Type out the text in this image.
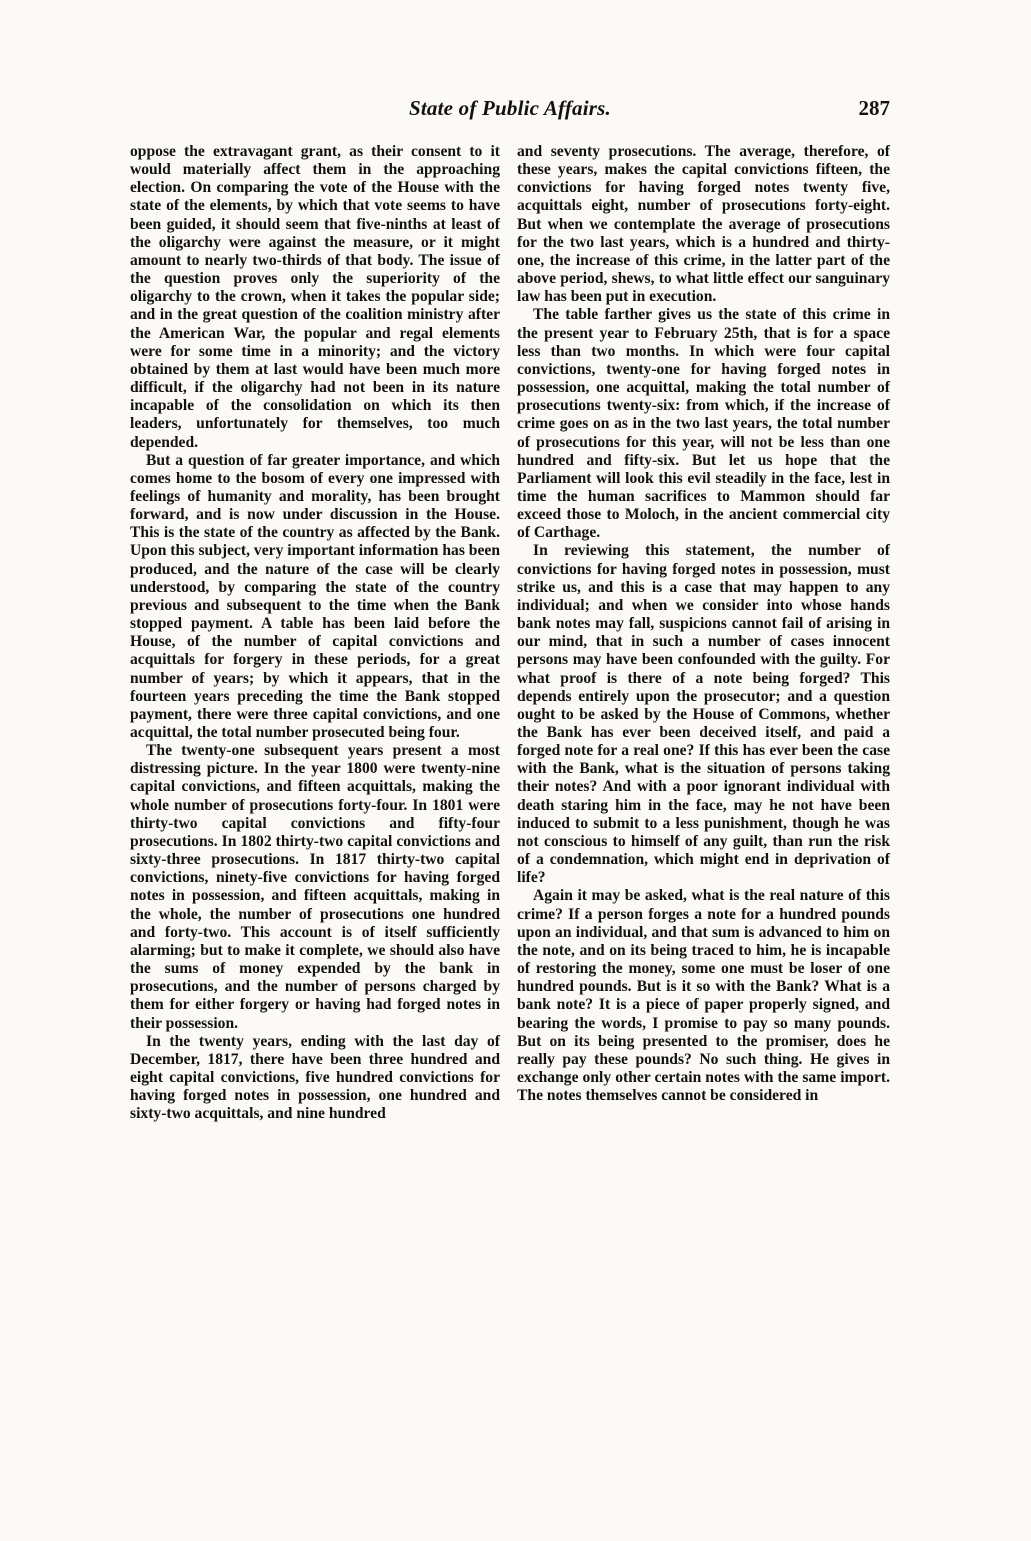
State of Public Affairs.	287

oppose the extravagant grant, as their consent to it would materially affect them in the approaching election. On comparing the vote of the House with the state of the elements, by which that vote seems to have been guided, it should seem that five-ninths at least of the oligarchy were against the measure, or it might amount to nearly two-thirds of that body. The issue of the question proves only the superiority of the oligarchy to the crown, when it takes the popular side; and in the great question of the coalition ministry after the American War, the popular and regal elements were for some time in a minority; and the victory obtained by them at last would have been much more difficult, if the oligarchy had not been in its nature incapable of the consolidation on which its then leaders, unfortunately for themselves, too much depended.

But a question of far greater importance, and which comes home to the bosom of every one impressed with feelings of humanity and morality, has been brought forward, and is now under discussion in the House. This is the state of the country as affected by the Bank. Upon this subject, very important information has been produced, and the nature of the case will be clearly understood, by comparing the state of the country previous and subsequent to the time when the Bank stopped payment. A table has been laid before the House, of the number of capital convictions and acquittals for forgery in these periods, for a great number of years; by which it appears, that in the fourteen years preceding the time the Bank stopped payment, there were three capital convictions, and one acquittal, the total number prosecuted being four.

The twenty-one subsequent years present a most distressing picture. In the year 1800 were twenty-nine capital convictions, and fifteen acquittals, making the whole number of prosecutions forty-four. In 1801 were thirty-two capital convictions and fifty-four prosecutions. In 1802 thirty-two capital convictions and sixty-three prosecutions. In 1817 thirty-two capital convictions, ninety-five convictions for having forged notes in possession, and fifteen acquittals, making in the whole, the number of prosecutions one hundred and forty-two. This account is of itself sufficiently alarming; but to make it complete, we should also have the sums of money expended by the bank in prosecutions, and the number of persons charged by them for either forgery or having had forged notes in their possession.

In the twenty years, ending with the last day of December, 1817, there have been three hundred and eight capital convictions, five hundred convictions for having forged notes in possession, one hundred and sixty-two acquittals, and nine hundred

and seventy prosecutions. The average, therefore, of these years, makes the capital convictions fifteen, the convictions for having forged notes twenty five, acquittals eight, number of prosecutions forty-eight. But when we contemplate the average of prosecutions for the two last years, which is a hundred and thirty-one, the increase of this crime, in the latter part of the above period, shews, to what little effect our sanguinary law has been put in execution.

The table farther gives us the state of this crime in the present year to February 25th, that is for a space less than two months. In which were four capital convictions, twenty-one for having forged notes in possession, one acquittal, making the total number of prosecutions twenty-six: from which, if the increase of crime goes on as in the two last years, the total number of prosecutions for this year, will not be less than one hundred and fifty-six. But let us hope that the Parliament will look this evil steadily in the face, lest in time the human sacrifices to Mammon should far exceed those to Moloch, in the ancient commercial city of Carthage.

In reviewing this statement, the number of convictions for having forged notes in possession, must strike us, and this is a case that may happen to any individual; and when we consider into whose hands bank notes may fall, suspicions cannot fail of arising in our mind, that in such a number of cases innocent persons may have been confounded with the guilty. For what proof is there of a note being forged? This depends entirely upon the prosecutor; and a question ought to be asked by the House of Commons, whether the Bank has ever been deceived itself, and paid a forged note for a real one? If this has ever been the case with the Bank, what is the situation of persons taking their notes? And with a poor ignorant individual with death staring him in the face, may he not have been induced to submit to a less punishment, though he was not conscious to himself of any guilt, than run the risk of a condemnation, which might end in deprivation of life?

Again it may be asked, what is the real nature of this crime? If a person forges a note for a hundred pounds upon an individual, and that sum is advanced to him on the note, and on its being traced to him, he is incapable of restoring the money, some one must be loser of one hundred pounds. But is it so with the Bank? What is a bank note? It is a piece of paper properly signed, and bearing the words, I promise to pay so many pounds. But on its being presented to the promiser, does he really pay these pounds? No such thing. He gives in exchange only other certain notes with the same import. The notes themselves cannot be considered in
